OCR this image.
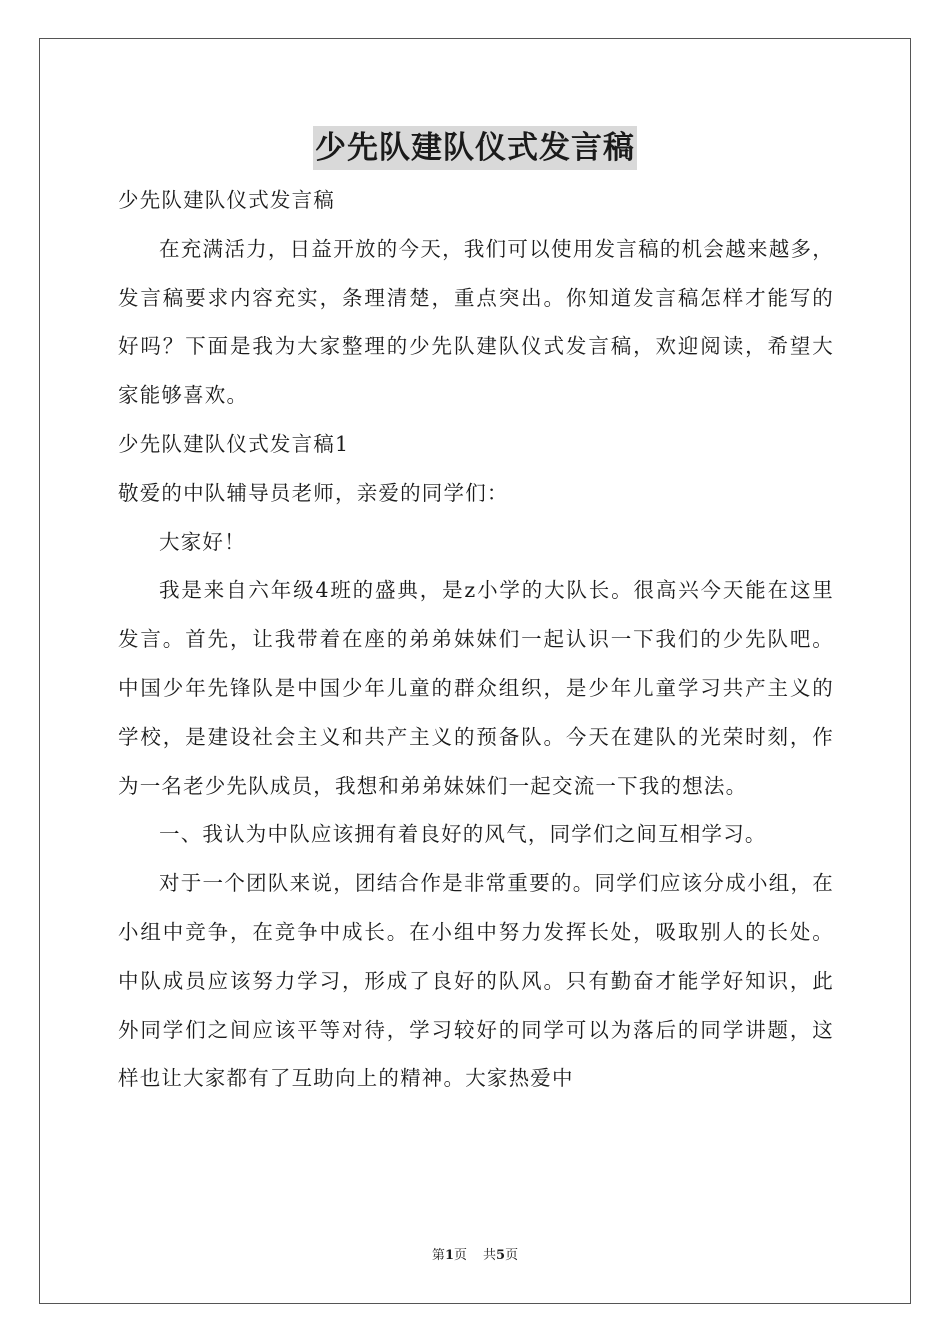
少先队建队仪式发言稿

少先队建队仪式发言稿

在充满活力，日益开放的今天，我们可以使用发言稿的机会越来越多，发言稿要求内容充实，条理清楚，重点突出。你知道发言稿怎样才能写的好吗？下面是我为大家整理的少先队建队仪式发言稿，欢迎阅读，希望大家能够喜欢。

少先队建队仪式发言稿1

敬爱的中队辅导员老师，亲爱的同学们：

大家好！

我是来自六年级4班的盛典，是z小学的大队长。很高兴今天能在这里发言。首先，让我带着在座的弟弟妹妹们一起认识一下我们的少先队吧。中国少年先锋队是中国少年儿童的群众组织，是少年儿童学习共产主义的学校，是建设社会主义和共产主义的预备队。今天在建队的光荣时刻，作为一名老少先队成员，我想和弟弟妹妹们一起交流一下我的想法。

一、我认为中队应该拥有着良好的风气，同学们之间互相学习。

对于一个团队来说，团结合作是非常重要的。同学们应该分成小组，在小组中竞争，在竞争中成长。在小组中努力发挥长处，吸取别人的长处。中队成员应该努力学习，形成了良好的队风。只有勤奋才能学好知识，此外同学们之间应该平等对待，学习较好的同学可以为落后的同学讲题，这样也让大家都有了互助向上的精神。大家热爱中

第1页 共5页
